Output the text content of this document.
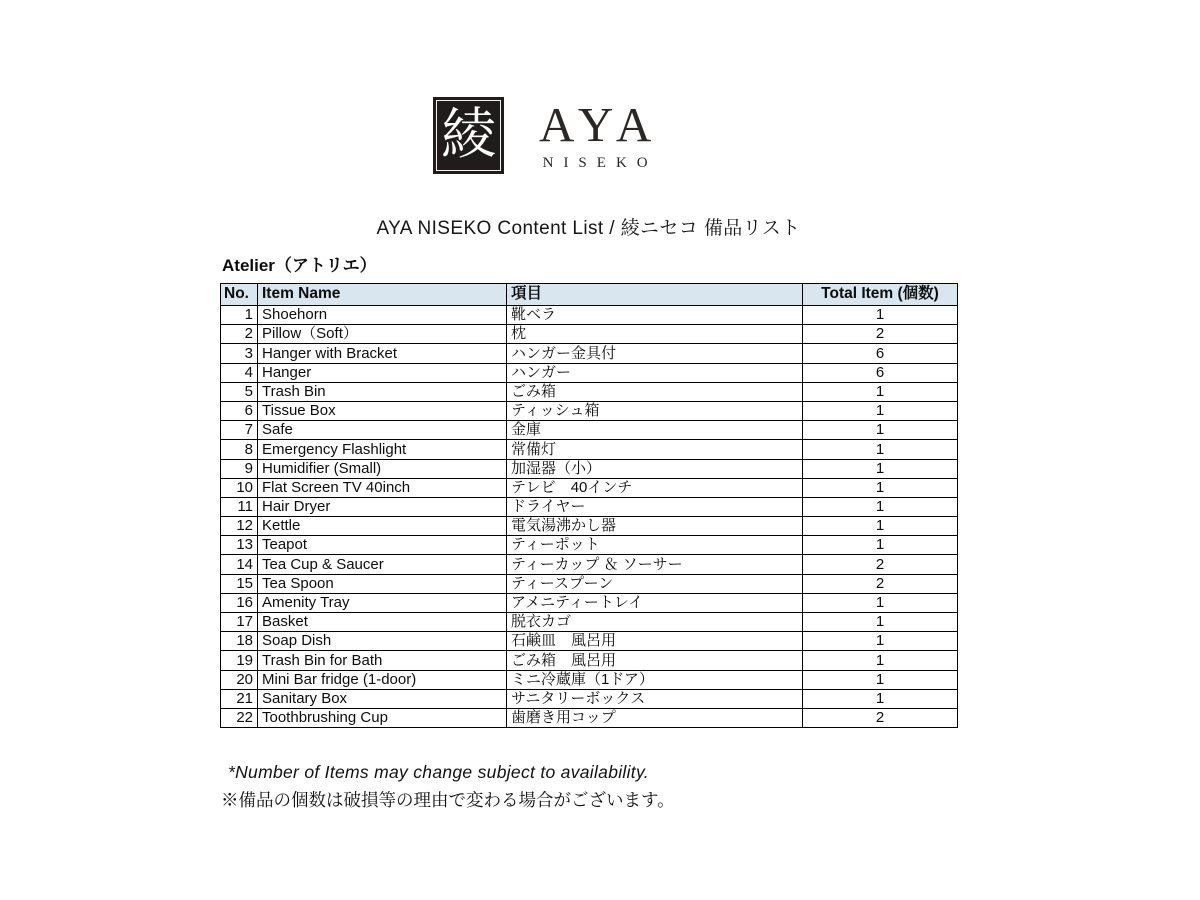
綾 AYA
NISEKO
AYA NISEKO Content List / 綾ニセコ 備品リスト
Atelier（アトリエ）
No.	Item Name	項目	Total Item (個数)
1	Shoehorn	靴ベラ	1
2	Pillow（Soft）	枕	2
3	Hanger with Bracket	ハンガー金具付	6
4	Hanger	ハンガー	6
5	Trash Bin	ごみ箱	1
6	Tissue Box	ティッシュ箱	1
7	Safe	金庫	1
8	Emergency Flashlight	常備灯	1
9	Humidifier (Small)	加湿器（小）	1
10	Flat Screen TV 40inch	テレビ　40インチ	1
11	Hair Dryer	ドライヤー	1
12	Kettle	電気湯沸かし器	1
13	Teapot	ティーポット	1
14	Tea Cup & Saucer	ティーカップ ＆ ソーサー	2
15	Tea Spoon	ティースプーン	2
16	Amenity Tray	アメニティートレイ	1
17	Basket	脱衣カゴ	1
18	Soap Dish	石鹸皿　風呂用	1
19	Trash Bin for Bath	ごみ箱　風呂用	1
20	Mini Bar fridge (1-door)	ミニ冷蔵庫（1ドア）	1
21	Sanitary Box	サニタリーボックス	1
22	Toothbrushing Cup	歯磨き用コップ	2
*Number of Items may change subject to availability.
※備品の個数は破損等の理由で変わる場合がございます。
